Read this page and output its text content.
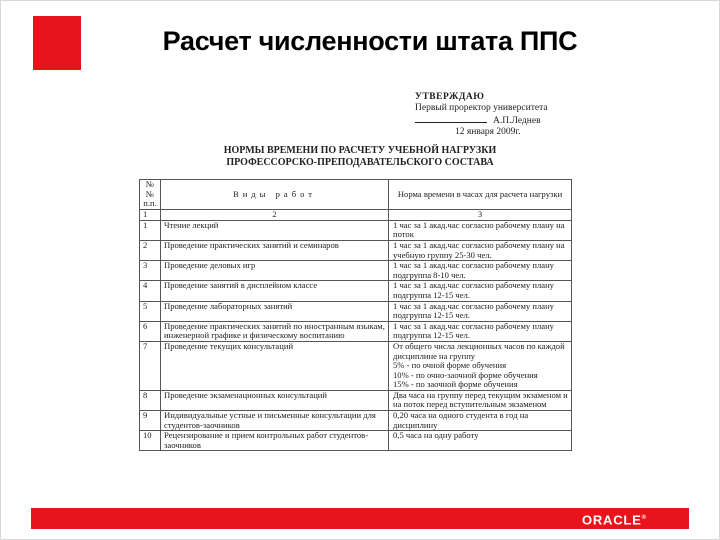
Расчет численности штата ППС
УТВЕРЖДАЮ
Первый проректор университета
А.П.Леднев
12 января 2009г.
НОРМЫ ВРЕМЕНИ ПО РАСЧЕТУ УЧЕБНОЙ НАГРУЗКИ
ПРОФЕССОРСКО-ПРЕПОДАВАТЕЛЬСКОГО СОСТАВА
№№ п.п.	Виды работ	Норма времени в часах для расчета нагрузки
1	2	3
1	Чтение лекций	1 час за 1 акад.час согласно рабочему плану на поток
2	Проведение практических занятий и семинаров	1 час за 1 акад.час согласно рабочему плану на учебную группу 25-30 чел.
3	Проведение деловых игр	1 час за 1 акад.час согласно рабочему плану подгруппа 8-10 чел.
4	Проведение занятий в дисплейном классе	1 час за 1 акад.час согласно рабочему плану подгруппа 12-15 чел.
5	Проведение лабораторных занятий	1 час за 1 акад.час согласно рабочему плану подгруппа 12-15 чел.
6	Проведение практических занятий по иностранным языкам, инженерной графике и физическому воспитанию	1 час за 1 акад.час согласно рабочему плану подгруппа 12-15 чел.
7	Проведение текущих консультаций	От общего числа лекционных часов по каждой дисциплине на группу
5% - по очной форме обучения
10% - по очно-заочной форме обучения
15% - по заочной форме обучения

8	Проведение экзаменационных консультаций	Два часа на группу перед текущим экзаменом и на поток перед вступительным экзаменом
9	Индивидуальные устные и письменные консультации для студентов-заочников	0,20 часа на одного студента в год на дисциплину
10	Рецензирование и прием контрольных работ студентов-заочников	0,5 часа на одну работу
ORACLE®
